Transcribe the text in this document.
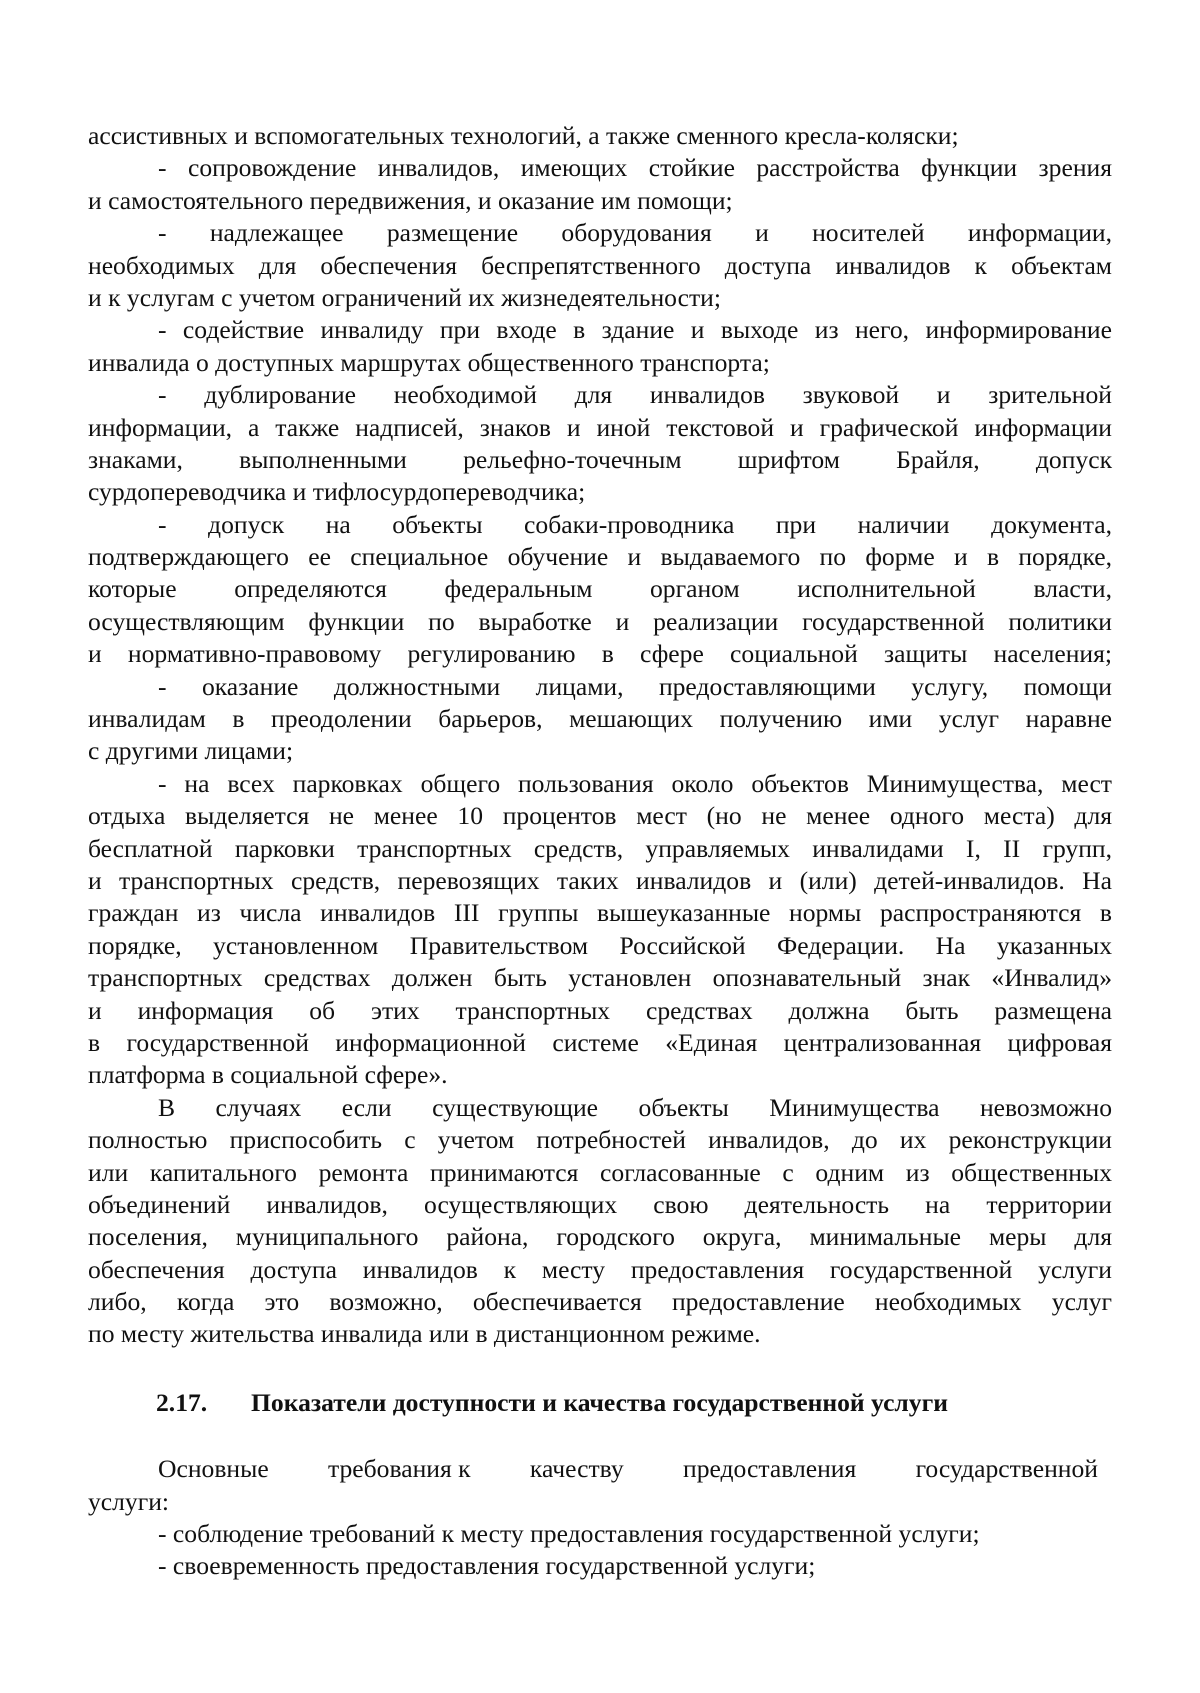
ассистивных и вспомогательных технологий, а также сменного кресла-коляски;
- сопровождение инвалидов, имеющих стойкие расстройства функции зрения
и самостоятельного передвижения, и оказание им помощи;
- надлежащее размещение оборудования и носителей информации,
необходимых для обеспечения беспрепятственного доступа инвалидов к объектам
и к услугам с учетом ограничений их жизнедеятельности;
- содействие инвалиду при входе в здание и выходе из него, информирование
инвалида о доступных маршрутах общественного транспорта;
- дублирование необходимой для инвалидов звуковой и зрительной
информации, а также надписей, знаков и иной текстовой и графической информации
знаками, выполненными рельефно-точечным шрифтом Брайля, допуск
сурдопереводчика и тифлосурдопереводчика;
- допуск на объекты собаки-проводника при наличии документа,
подтверждающего ее специальное обучение и выдаваемого по форме и в порядке,
которые определяются федеральным органом исполнительной власти,
осуществляющим функции по выработке и реализации государственной политики
и нормативно-правовому регулированию в сфере социальной защиты населения;
- оказание должностными лицами, предоставляющими услугу, помощи
инвалидам в преодолении барьеров, мешающих получению ими услуг наравне
с другими лицами;
- на всех парковках общего пользования около объектов Минимущества, мест
отдыха выделяется не менее 10 процентов мест (но не менее одного места) для
бесплатной парковки транспортных средств, управляемых инвалидами I, II групп,
и транспортных средств, перевозящих таких инвалидов и (или) детей-инвалидов. На
граждан из числа инвалидов III группы вышеуказанные нормы распространяются в
порядке, установленном Правительством Российской Федерации. На указанных
транспортных средствах должен быть установлен опознавательный знак «Инвалид»
и информация об этих транспортных средствах должна быть размещена
в государственной информационной системе «Единая централизованная цифровая
платформа в социальной сфере».
В случаях если существующие объекты Минимущества невозможно
полностью приспособить с учетом потребностей инвалидов, до их реконструкции
или капитального ремонта принимаются согласованные с одним из общественных
объединений инвалидов, осуществляющих свою деятельность на территории
поселения, муниципального района, городского округа, минимальные меры для
обеспечения доступа инвалидов к месту предоставления государственной услуги
либо, когда это возможно, обеспечивается предоставление необходимых услуг
по месту жительства инвалида или в дистанционном режиме.
2.17. Показатели доступности и качества государственной услуги
Основные требования к качеству предоставления государственной
услуги:
- соблюдение требований к месту предоставления государственной услуги;
- своевременность предоставления государственной услуги;
